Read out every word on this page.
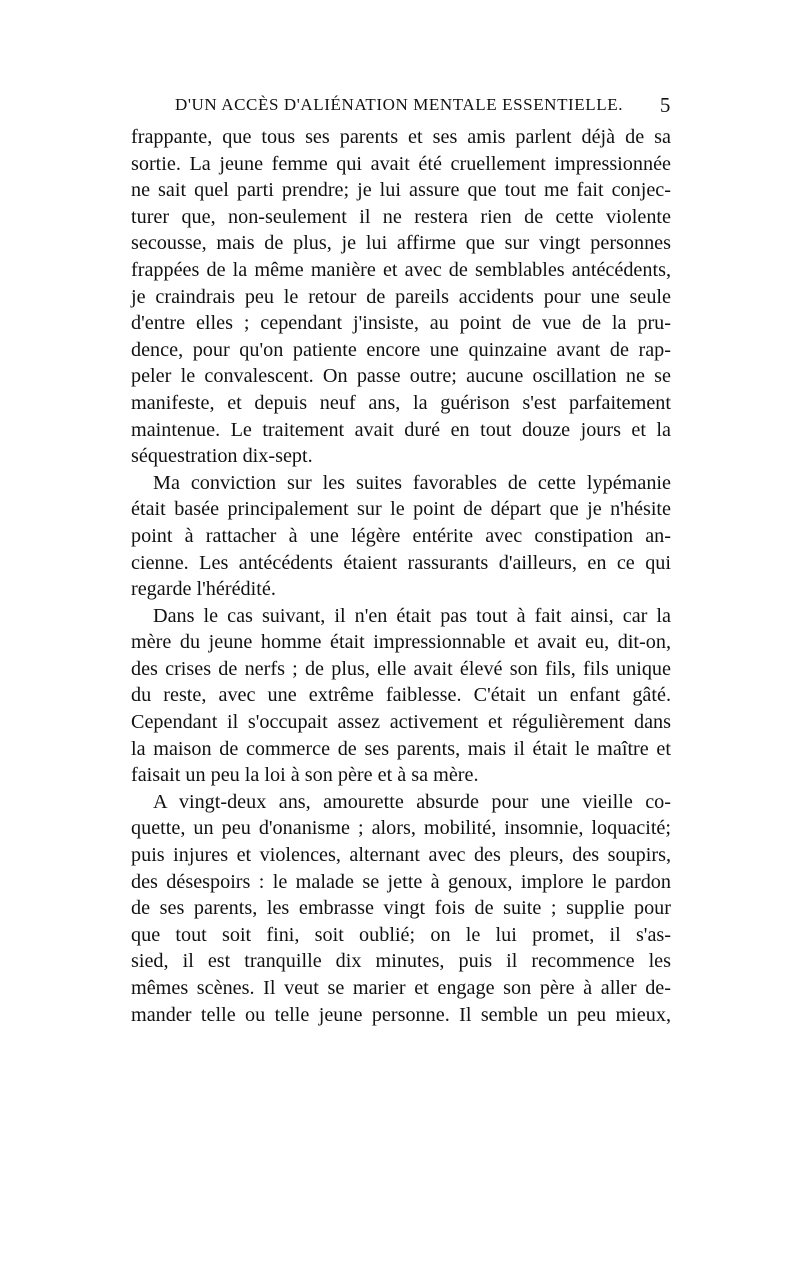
D'UN ACCÈS D'ALIÉNATION MENTALE ESSENTIELLE. 5
frappante, que tous ses parents et ses amis parlent déjà de sa
sortie. La jeune femme qui avait été cruellement impressionnée
ne sait quel parti prendre; je lui assure que tout me fait conjec-
turer que, non-seulement il ne restera rien de cette violente
secousse, mais de plus, je lui affirme que sur vingt personnes
frappées de la même manière et avec de semblables antécédents,
je craindrais peu le retour de pareils accidents pour une seule
d'entre elles ; cependant j'insiste, au point de vue de la pru-
dence, pour qu'on patiente encore une quinzaine avant de rap-
peler le convalescent. On passe outre; aucune oscillation ne se
manifeste, et depuis neuf ans, la guérison s'est parfaitement
maintenue. Le traitement avait duré en tout douze jours et la
séquestration dix-sept.
Ma conviction sur les suites favorables de cette lypémanie
était basée principalement sur le point de départ que je n'hésite
point à rattacher à une légère entérite avec constipation an-
cienne. Les antécédents étaient rassurants d'ailleurs, en ce qui
regarde l'hérédité.
Dans le cas suivant, il n'en était pas tout à fait ainsi, car la
mère du jeune homme était impressionnable et avait eu, dit-on,
des crises de nerfs ; de plus, elle avait élevé son fils, fils unique
du reste, avec une extrême faiblesse. C'était un enfant gâté.
Cependant il s'occupait assez activement et régulièrement dans
la maison de commerce de ses parents, mais il était le maître et
faisait un peu la loi à son père et à sa mère.
A vingt-deux ans, amourette absurde pour une vieille co-
quette, un peu d'onanisme ; alors, mobilité, insomnie, loquacité;
puis injures et violences, alternant avec des pleurs, des soupirs,
des désespoirs : le malade se jette à genoux, implore le pardon
de ses parents, les embrasse vingt fois de suite ; supplie pour
que tout soit fini, soit oublié; on le lui promet, il s'as-
sied, il est tranquille dix minutes, puis il recommence les
mêmes scènes. Il veut se marier et engage son père à aller de-
mander telle ou telle jeune personne. Il semble un peu mieux,
